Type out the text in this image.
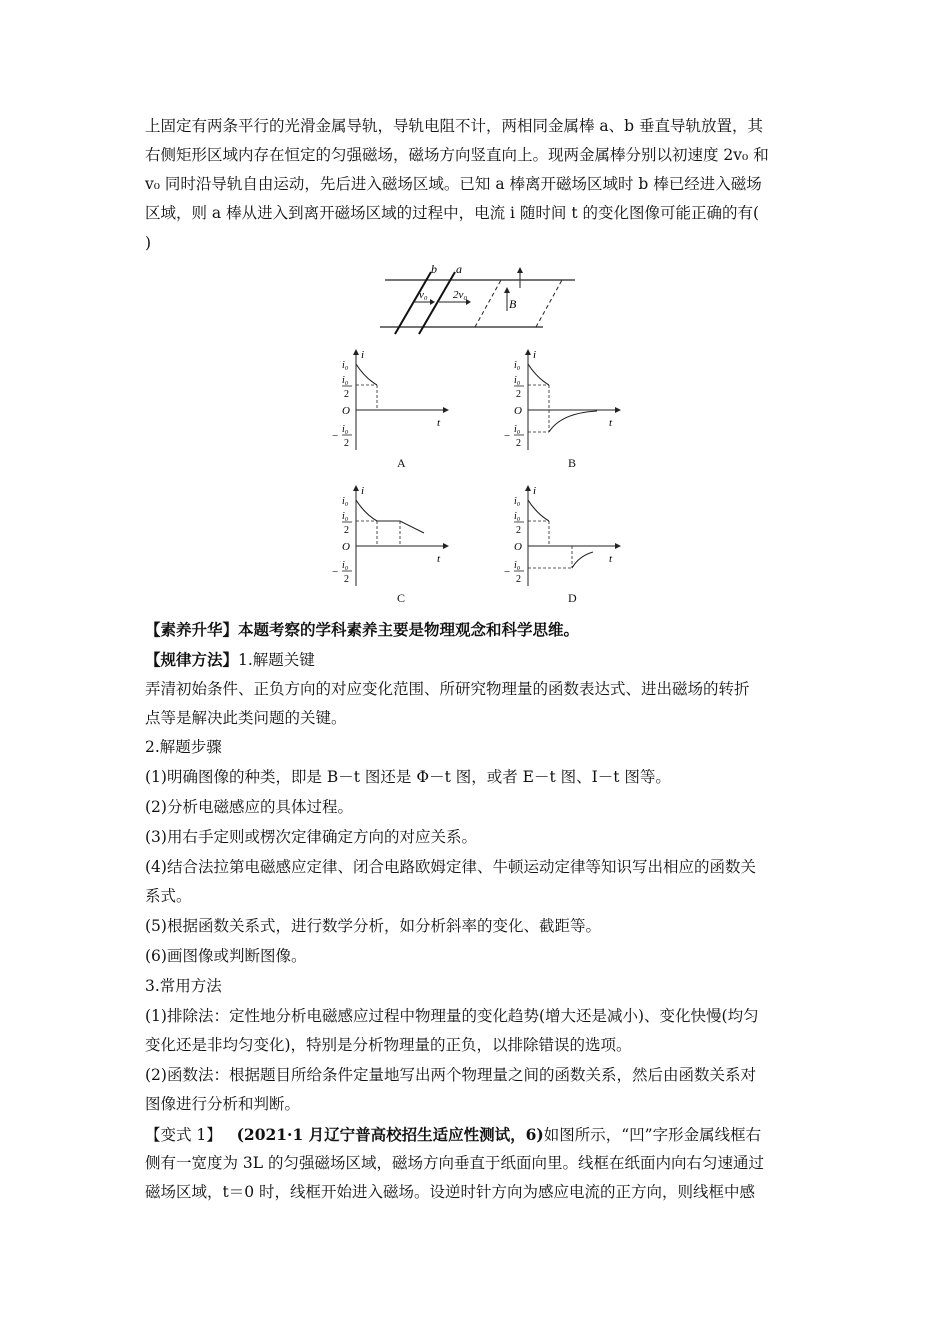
上固定有两条平行的光滑金属导轨，导轨电阻不计，两相同金属棒 a、b 垂直导轨放置，其

右侧矩形区域内存在恒定的匀强磁场，磁场方向竖直向上。现两金属棒分别以初速度 2v₀ 和

v₀ 同时沿导轨自由运动，先后进入磁场区域。已知 a 棒离开磁场区域时 b 棒已经进入磁场

区域，则 a 棒从进入到离开磁场区域的过程中，电流 i 随时间 t 的变化图像可能正确的有(

)

b a
v₀ 2v₀
B
i
t
O
i₀
i₀
2
−
i₀
2
A
i
t
O
i₀
i₀
2
−
i₀
2
B
i
t
O
i₀
i₀
2
−
i₀
2
C
i
t
O
i₀
i₀
2
−
i₀
2
D

【素养升华】本题考察的学科素养主要是物理观念和科学思维。

【规律方法】1.解题关键

弄清初始条件、正负方向的对应变化范围、所研究物理量的函数表达式、进出磁场的转折

点等是解决此类问题的关键。

2.解题步骤

(1)明确图像的种类，即是 B－t 图还是 Φ－t 图，或者 E－t 图、I－t 图等。

(2)分析电磁感应的具体过程。

(3)用右手定则或楞次定律确定方向的对应关系。

(4)结合法拉第电磁感应定律、闭合电路欧姆定律、牛顿运动定律等知识写出相应的函数关

系式。

(5)根据函数关系式，进行数学分析，如分析斜率的变化、截距等。

(6)画图像或判断图像。

3.常用方法

(1)排除法：定性地分析电磁感应过程中物理量的变化趋势(增大还是减小)、变化快慢(均匀

变化还是非均匀变化)，特别是分析物理量的正负，以排除错误的选项。

(2)函数法：根据题目所给条件定量地写出两个物理量之间的函数关系，然后由函数关系对

图像进行分析和判断。

【变式 1】 (2021·1 月辽宁普高校招生适应性测试，6)如图所示，“凹”字形金属线框右

侧有一宽度为 3L 的匀强磁场区域，磁场方向垂直于纸面向里。线框在纸面内向右匀速通过

磁场区域，t＝0 时，线框开始进入磁场。设逆时针方向为感应电流的正方向，则线框中感
